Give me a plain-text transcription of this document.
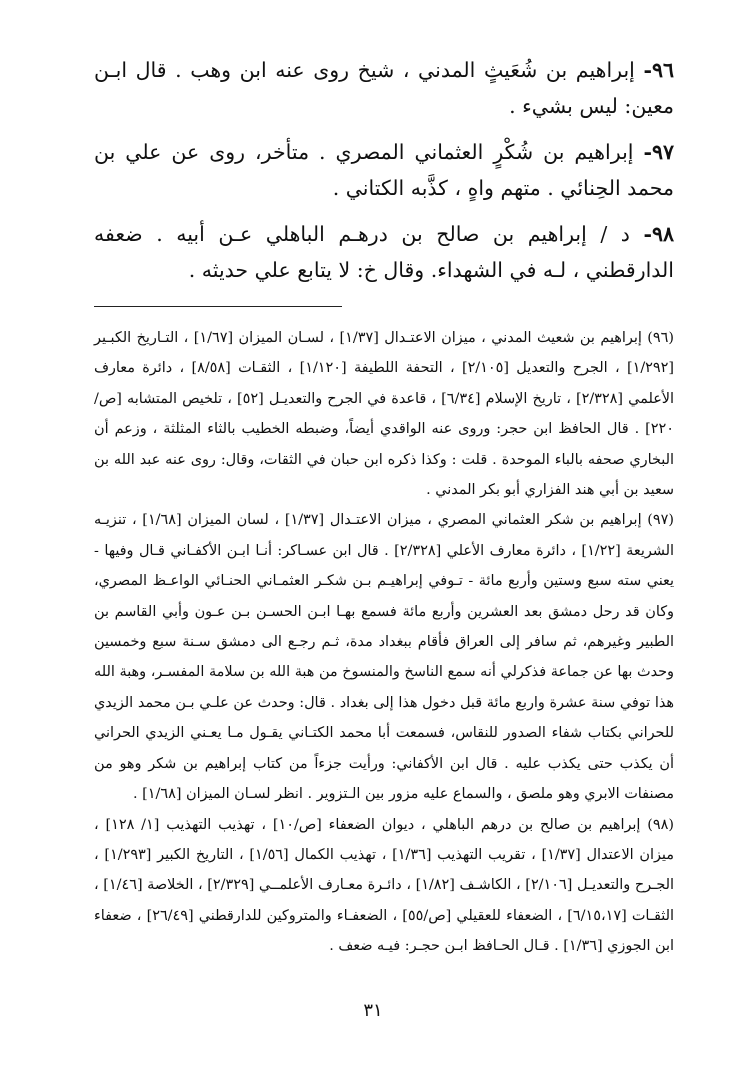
٩٦- إبراهيم بن شُعَيثٍ المدني ، شيخ روى عنه ابن وهب . قال ابـن معين: ليس بشيء .

٩٧- إبراهيم بن شُكْرٍ العثماني المصري . متأخر، روى عن علي بن محمد الحِنائي . متهم واهٍ ، كذَّبه الكتاني .

٩٨- د / إبراهيم بن صالح بن درهـم الباهلي عـن أبيه . ضعفه الدارقطني ، لـه في الشهداء. وقال خ: لا يتابع علي حديثه .

(٩٦) إبراهيم بن شعيث المدني ، ميزان الاعتـدال [١/٣٧] ، لسـان الميزان [١/٦٧] ، التـاريخ الكبـير [١/٢٩٢] ، الجرح والتعديل [٢/١٠٥] ، التحفة اللطيفة [١/١٢٠] ، الثقـات [٨/٥٨] ، دائرة معارف الأعلمي [٢/٣٢٨] ، تاريخ الإسلام [٦/٣٤] ، قاعدة في الجرح والتعديـل [٥٢] ، تلخيص المتشابه [ص/٢٢٠] . قال الحافظ ابن حجر: وروى عنه الواقدي أيضاً، وضبطه الخطيب بالثاء المثلثة ، وزعم أن البخاري صحفه بالباء الموحدة . قلت : وكذا ذكره ابن حبان في الثقات، وقال: روى عنه عبد الله بن سعيد بن أبي هند الفزاري أبو بكر المدني .

(٩٧) إبراهيم بن شكر العثماني المصري ، ميزان الاعتـدال [١/٣٧] ، لسان الميزان [١/٦٨] ، تنزيـه الشريعة [١/٢٢] ، دائرة معارف الأعلي [٢/٣٢٨] . قال ابن عسـاكر: أنـا ابـن الأكفـاني قـال وفيها - يعني سته سبع وستين وأربع مائة - تـوفي إبراهيـم بـن شكـر العثمـاني الحنـائي الواعـظ المصري، وكان قد رحل دمشق بعد العشرين وأربع مائة فسمع بهـا ابـن الحسـن بـن عـون وأبي القاسم بن الطبير وغيرهم، ثم سافر إلى العراق فأقام ببغداد مدة، ثـم رجـع الى دمشق سـنة سبع وخمسين وحدث بها عن جماعة فذكرلي أنه سمع الناسخ والمنسوخ من هبة الله بن سلامة المفسـر، وهبة الله هذا توفي سنة عشرة واربع مائة قبل دخول هذا إلى بغداد . قال: وحدث عن علـي بـن محمد الزيدي للحراني بكتاب شفاء الصدور للنقاس، فسمعت أبا محمد الكتـاني يقـول مـا يعـني الزيدي الحراني أن يكذب حتى يكذب عليه . قال ابن الأكفاني: ورأيت جزءاً من كتاب إبراهيم بن شكر وهو من مصنفات الابري وهو ملصق ، والسماع عليه مزور بين الـتزوير . انظر لسـان الميزان [١/٦٨] .

(٩٨) إبراهيم بن صالح بن درهم الباهلي ، ديوان الضعفاء [ص/١٠] ، تهذيب التهذيب [١/ ١٢٨] ، ميزان الاعتدال [١/٣٧] ، تقريب التهذيب [١/٣٦] ، تهذيب الكمال [١/٥٦] ، التاريخ الكبير [١/٢٩٣] ، الجـرح والتعديـل [٢/١٠٦] ، الكاشـف [١/٨٢] ، دائـرة معـارف الأعلمــي [٢/٣٢٩] ، الخلاصة [١/٤٦] ، الثقـات [٦/١٥،١٧] ، الضعفاء للعقيلي [ص/٥٥] ، الضعفـاء والمتروكين للدارقطني [٢٦/٤٩] ، ضعفاء ابن الجوزي [١/٣٦] . قـال الحـافظ ابـن حجـر: فيـه ضعف .

٣١
